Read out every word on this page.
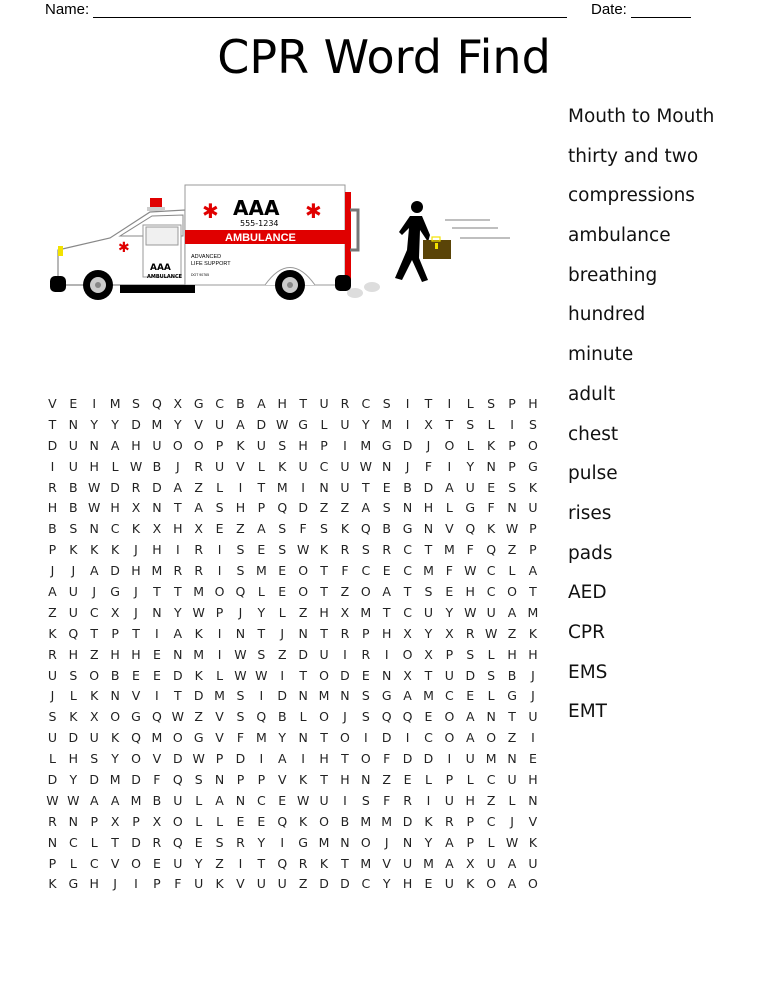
Name:	Date:
CPR Word Find
✱
AAA
AMBULANCE
AMBULANCE
✱	✱
AAA
555-1234
ADVANCED
LIFE SUPPORT
DOT 90765
Mouth to Mouth
thirty and two
compressions
ambulance
breathing
hundred
minute
adult
chest
pulse
rises
pads
AED
CPR
EMS
EMT
V	E	I	M S Q X G C B A H T U R C	S	I	T	I	L	S	P H
T N Y	Y D M Y	V U A D W G	L	U	Y M	I	X	T	S	L	I	S
D U N A H U O O P	K U S H P	I	M G D	J	O L	K	P O
I	U H	L W B	J	R U V	L	K U C U W N	J	F	I	Y N P G
R B W D R D A Z	L	I	T M	I	N U	T	E	B D A U E	S	K
H B W H X N T	A	S H P Q D Z Z A	S N H	L	G F	N U
B	S N C K	X H X	E	Z A	S	F	S	K Q B G N V Q K W P
P	K	K	K	J	H	I	R	I	S	E	S W K R	S	R C	T M F Q Z	P
J	J	A D H M R R	I	S M E O T	F	C	E	C M F W C	L	A
A U	J	G	J	T	T M O Q L	E O T	Z O A	T	S	E H C O T
Z U C X	J	N Y W P	J	Y	L	Z H X M T	C U	Y W U A M
K Q T	P	T	I	A	K	I	N T	J	N T	R	P H X	Y	X R W Z	K
R H Z H H E N M	I	W S	Z D U	I	R	I	O X	P	S	L	H H
U S O B	E	E D K	L W W	I	T O D E N X	T U D S	B	J
J	L	K N V	I	T D M S	I	D N M N S G A M C	E	L	G	J
S	K	X O G Q W Z V	S Q B	L O	J	S Q Q E O A N T U
U D U K Q M O G V	F M Y N T O	I	D	I	C O A O Z	I
L	H S	Y O V D W P D	I	A	I	H T O F D D	I	U M N E
D Y D M D F Q S N P	P	V	K	T H N Z	E	L	P	L	C U H
W W A A M B U	L	A N C	E W U	I	S	F	R	I	U H Z	L	N
R N P	X	P	X O L	L	E	E Q K O B M M D K R	P	C	J	V
N C	L	T D R Q E	S	R	Y	I	G M N O	J	N Y	A	P	L W K
P	L	C V O E U	Y	Z	I	T Q R K	T M V U M A X U A U
K G H	J	I	P	F	U K	V U U Z D D C	Y H E U K O A O
